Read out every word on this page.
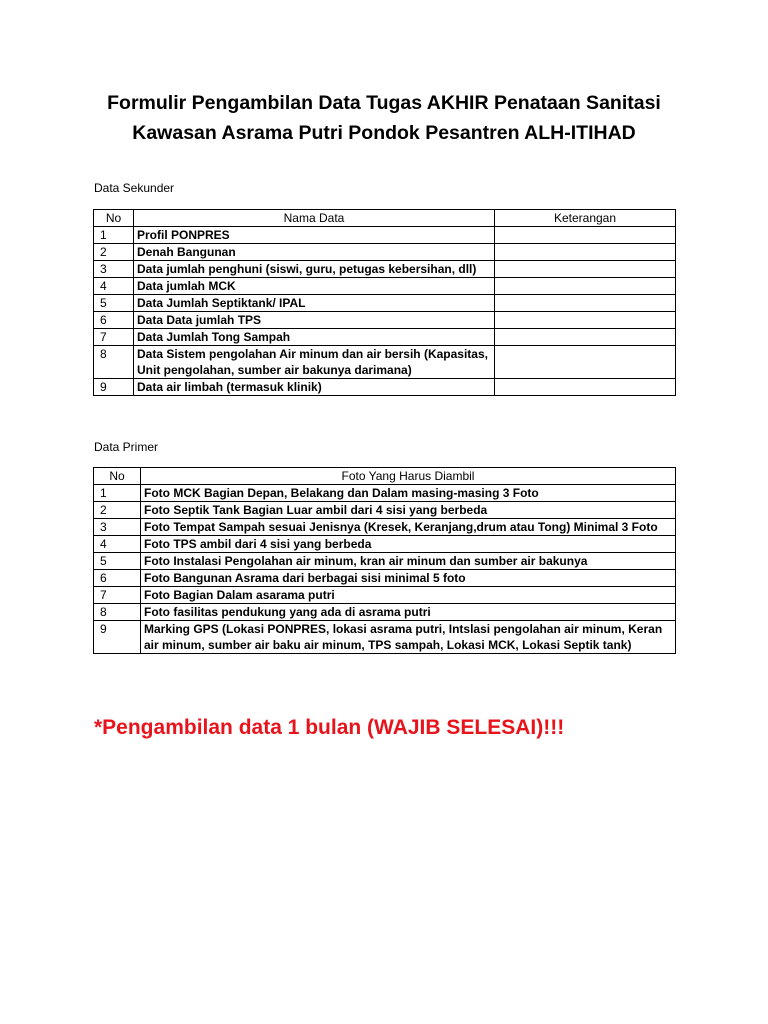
Formulir Pengambilan Data Tugas AKHIR Penataan Sanitasi
Kawasan Asrama Putri Pondok Pesantren ALH-ITIHAD
Data Sekunder
No	Nama Data	Keterangan
1	Profil PONPRES	
2	Denah Bangunan	
3	Data jumlah penghuni (siswi, guru, petugas kebersihan, dll)	
4	Data jumlah MCK	
5	Data Jumlah Septiktank/ IPAL	
6	Data Data jumlah TPS	
7	Data Jumlah Tong Sampah	
8	Data Sistem pengolahan Air minum dan air bersih (Kapasitas, Unit pengolahan, sumber air bakunya darimana)	
9	Data air limbah (termasuk klinik)	
Data Primer
No	Foto Yang Harus Diambil
1	Foto MCK Bagian Depan, Belakang dan Dalam masing-masing 3 Foto
2	Foto Septik Tank Bagian Luar ambil dari 4 sisi yang berbeda
3	Foto Tempat Sampah sesuai Jenisnya (Kresek, Keranjang,drum atau Tong) Minimal 3 Foto
4	Foto TPS ambil dari 4 sisi yang berbeda
5	Foto Instalasi Pengolahan air minum, kran air minum dan sumber air bakunya
6	Foto Bangunan Asrama dari berbagai sisi minimal 5 foto
7	Foto Bagian Dalam asarama putri
8	Foto fasilitas pendukung yang ada di asrama putri
9	Marking GPS (Lokasi PONPRES, lokasi asrama putri, Intslasi pengolahan air minum, Keran air minum, sumber air baku air minum, TPS sampah, Lokasi MCK, Lokasi Septik tank)
*Pengambilan data 1 bulan (WAJIB SELESAI)!!!
